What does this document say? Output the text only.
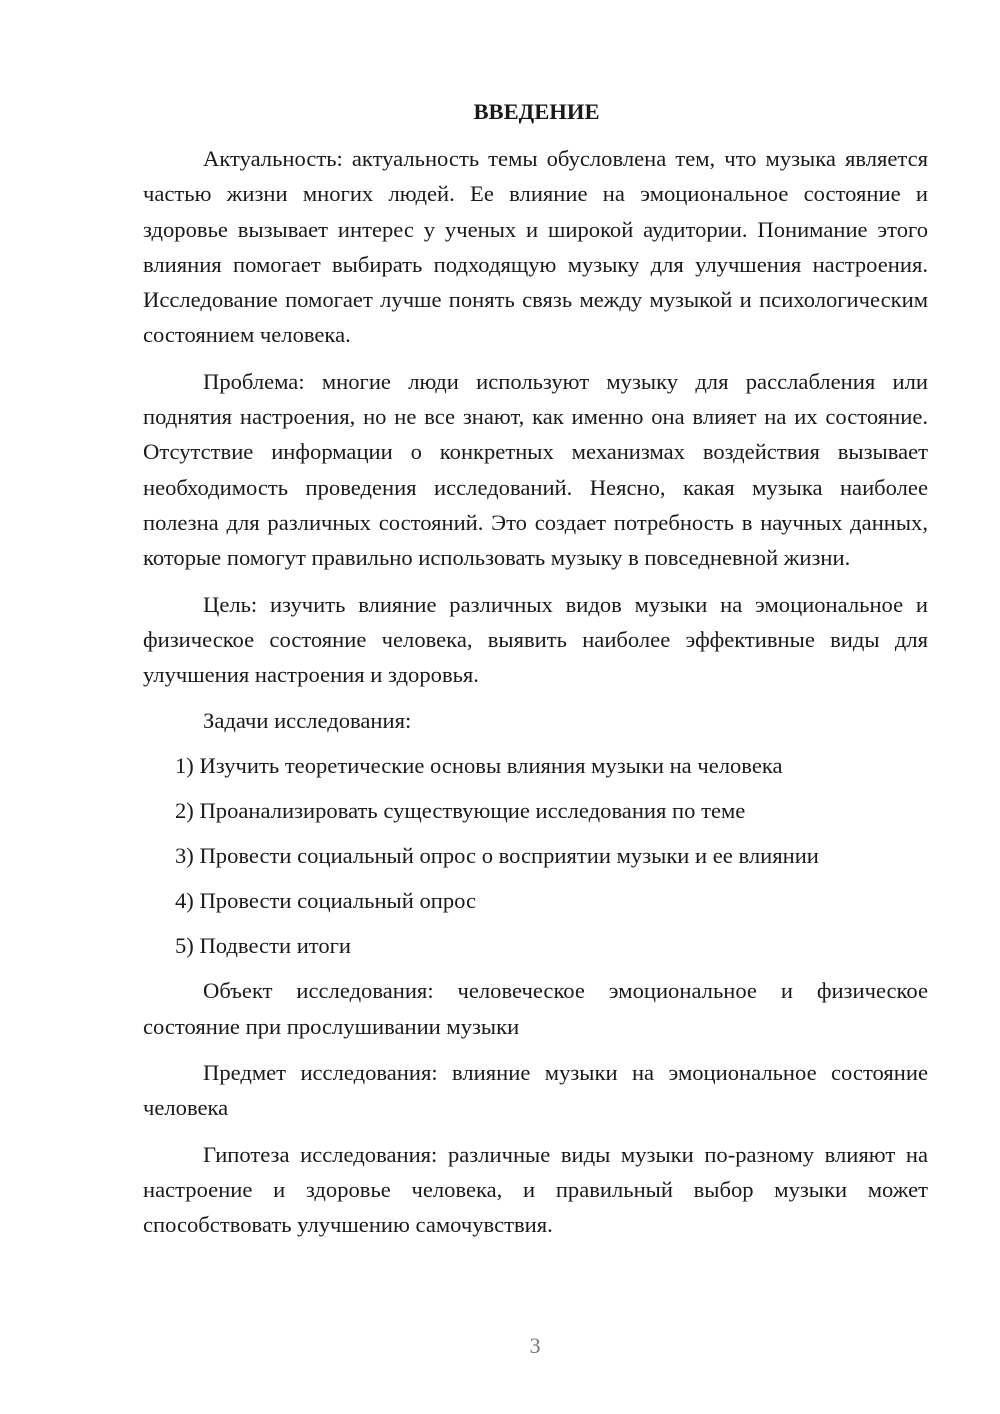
ВВЕДЕНИЕ

Актуальность: актуальность темы обусловлена тем, что музыка является частью жизни многих людей. Ее влияние на эмоциональное состояние и здоровье вызывает интерес у ученых и широкой аудитории. Понимание этого влияния помогает выбирать подходящую музыку для улучшения настроения. Исследование помогает лучше понять связь между музыкой и психологическим состоянием человека.

Проблема: многие люди используют музыку для расслабления или поднятия настроения, но не все знают, как именно она влияет на их состояние. Отсутствие информации о конкретных механизмах воздействия вызывает необходимость проведения исследований. Неясно, какая музыка наиболее полезна для различных состояний. Это создает потребность в научных данных, которые помогут правильно использовать музыку в повседневной жизни.

Цель: изучить влияние различных видов музыки на эмоциональное и физическое состояние человека, выявить наиболее эффективные виды для улучшения настроения и здоровья.

Задачи исследования:

1) Изучить теоретические основы влияния музыки на человека
2) Проанализировать существующие исследования по теме
3) Провести социальный опрос о восприятии музыки и ее влиянии
4) Провести социальный опрос
5) Подвести итоги

Объект исследования: человеческое эмоциональное и физическое состояние при прослушивании музыки

Предмет исследования: влияние музыки на эмоциональное состояние человека

Гипотеза исследования: различные виды музыки по-разному влияют на настроение и здоровье человека, и правильный выбор музыки может способствовать улучшению самочувствия.

3
